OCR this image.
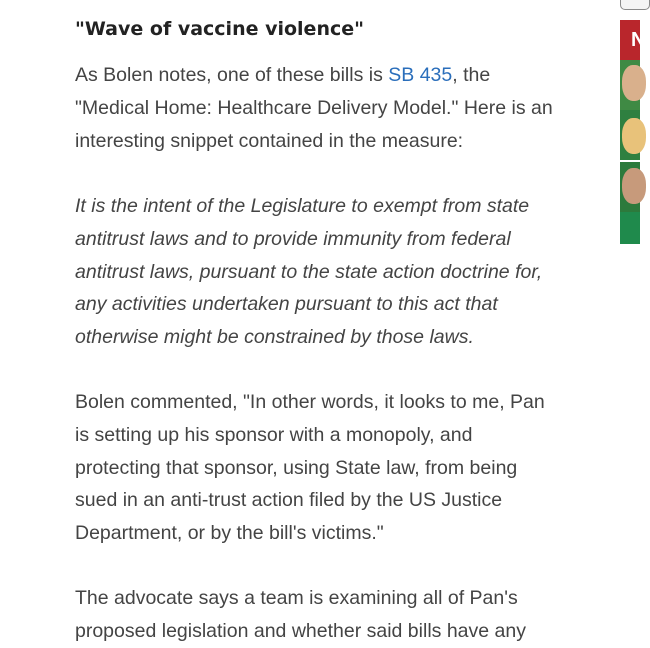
"Wave of vaccine violence"

As Bolen notes, one of these bills is SB 435, the
"Medical Home: Healthcare Delivery Model." Here is an
interesting snippet contained in the measure:

It is the intent of the Legislature to exempt from state
antitrust laws and to provide immunity from federal
antitrust laws, pursuant to the state action doctrine for,
any activities undertaken pursuant to this act that
otherwise might be constrained by those laws.

Bolen commented, "In other words, it looks to me, Pan
is setting up his sponsor with a monopoly, and
protecting that sponsor, using State law, from being
sued in an anti-trust action filed by the US Justice
Department, or by the bill's victims."

The advocate says a team is examining all of Pan's
proposed legislation and whether said bills have any

N
